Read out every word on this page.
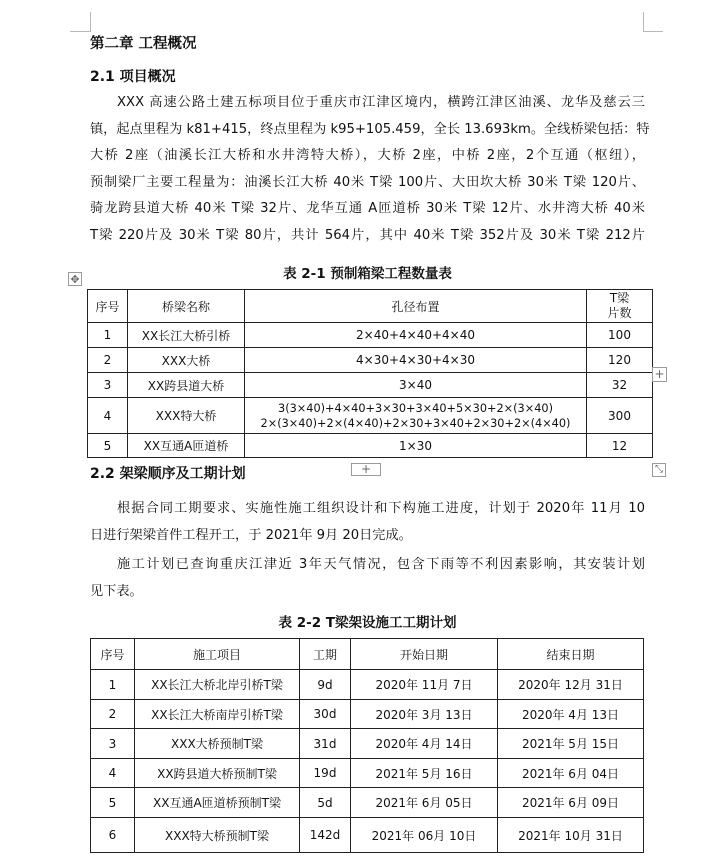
第二章 工程概况
2.1 项目概况
XXX 高速公路土建五标项目位于重庆市江津区境内，横跨江津区油溪、龙华及慈云三
镇，起点里程为 k81+415，终点里程为 k95+105.459，全长 13.693km。全线桥梁包括：特
大桥 2座（油溪长江大桥和水井湾特大桥），大桥 2座，中桥 2座，2个互通（枢纽），
预制梁厂主要工程量为：油溪长江大桥 40米 T梁 100片、大田坎大桥 30米 T梁 120片、
骑龙跨县道大桥 40米 T梁 32片、龙华互通 A匝道桥 30米 T梁 12片、水井湾大桥 40米
T梁 220片及 30米 T梁 80片，共计 564片，其中 40米 T梁 352片及 30米 T梁 212片

表 2-1 预制箱梁工程数量表

序号	桥梁名称	孔径布置	T梁片数
1	XX长江大桥引桥	2×40+4×40+4×40	100
2	XXX大桥	4×30+4×30+4×30	120
3	XX跨县道大桥	3×40	32
4	XXX特大桥	3(3×40)+4×40+3×30+3×40+5×30+2×(3×40)
2×(3×40)+2×(4×40)+2×30+3×40+2×30+2×(4×40)	300
5	XX互通A匝道桥	1×30	12
2.2 架梁顺序及工期计划
根据合同工期要求、实施性施工组织设计和下构施工进度，计划于 2020年 11月 10
日进行架梁首件工程开工，于 2021年 9月 20日完成。
施工计划已查询重庆江津近 3年天气情况，包含下雨等不利因素影响，其安装计划
见下表。

表 2-2 T梁架设施工工期计划

序号	施工项目	工期	开始日期	结束日期
1	XX长江大桥北岸引桥T梁	9d	2020年 11月 7日	2020年 12月 31日
2	XX长江大桥南岸引桥T梁	30d	2020年 3月 13日	2020年 4月 13日
3	XXX大桥预制T梁	31d	2020年 4月 14日	2021年 5月 15日
4	XX跨县道大桥预制T梁	19d	2021年 5月 16日	2021年 6月 04日
5	XX互通A匝道桥预制T梁	5d	2021年 6月 05日	2021年 6月 09日
6	XXX特大桥预制T梁	142d	2021年 06月 10日	2021年 10月 31日
✥
+
+	⤡
